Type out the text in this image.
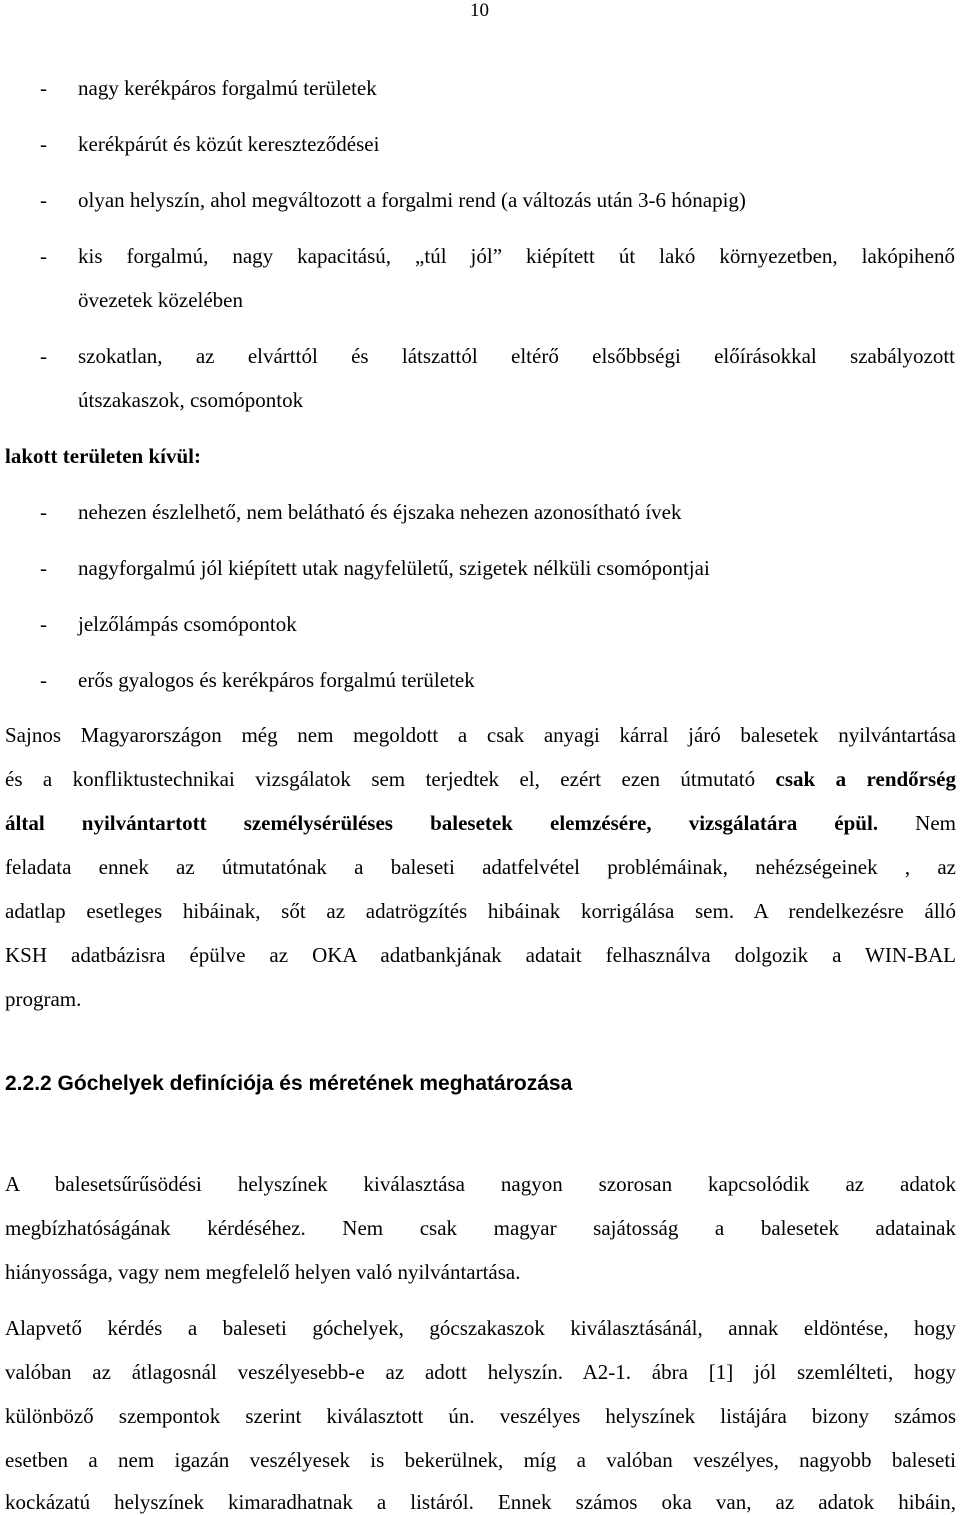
10
- nagy kerékpáros forgalmú területek
- kerékpárút és közút kereszteződései
- olyan helyszín, ahol megváltozott a forgalmi rend (a változás után 3-6 hónapig)
- kis forgalmú, nagy kapacitású, „túl jól” kiépített út lakó környezetben, lakópihenő
övezetek közelében
- szokatlan, az elvárttól és látszattól eltérő elsőbbségi előírásokkal szabályozott
útszakaszok, csomópontok
lakott területen kívül:
- nehezen észlelhető, nem belátható és éjszaka nehezen azonosítható ívek
- nagyforgalmú jól kiépített utak nagyfelületű, szigetek nélküli csomópontjai
- jelzőlámpás csomópontok
- erős gyalogos és kerékpáros forgalmú területek
Sajnos Magyarországon még nem megoldott a csak anyagi kárral járó balesetek nyilvántartása
és a konfliktustechnikai vizsgálatok sem terjedtek el, ezért ezen útmutató csak a rendőrség
által nyilvántartott személysérüléses balesetek elemzésére, vizsgálatára épül. Nem
feladata ennek az útmutatónak a baleseti adatfelvétel problémáinak, nehézségeinek , az
adatlap esetleges hibáinak, sőt az adatrögzítés hibáinak korrigálása sem. A rendelkezésre álló
KSH adatbázisra épülve az OKA adatbankjának adatait felhasználva dolgozik a WIN-BAL
program.
2.2.2 Góchelyek definíciója és méretének meghatározása
A balesetsűrűsödési helyszínek kiválasztása nagyon szorosan kapcsolódik az adatok
megbízhatóságának kérdéséhez. Nem csak magyar sajátosság a balesetek adatainak
hiányossága, vagy nem megfelelő helyen való nyilvántartása.
Alapvető kérdés a baleseti góchelyek, gócszakaszok kiválasztásánál, annak eldöntése, hogy
valóban az átlagosnál veszélyesebb-e az adott helyszín. A2-1. ábra [1] jól szemlélteti, hogy
különböző szempontok szerint kiválasztott ún. veszélyes helyszínek listájára bizony számos
esetben a nem igazán veszélyesek is bekerülnek, míg a valóban veszélyes, nagyobb baleseti
kockázatú helyszínek kimaradhatnak a listáról. Ennek számos oka van, az adatok hibáin,
